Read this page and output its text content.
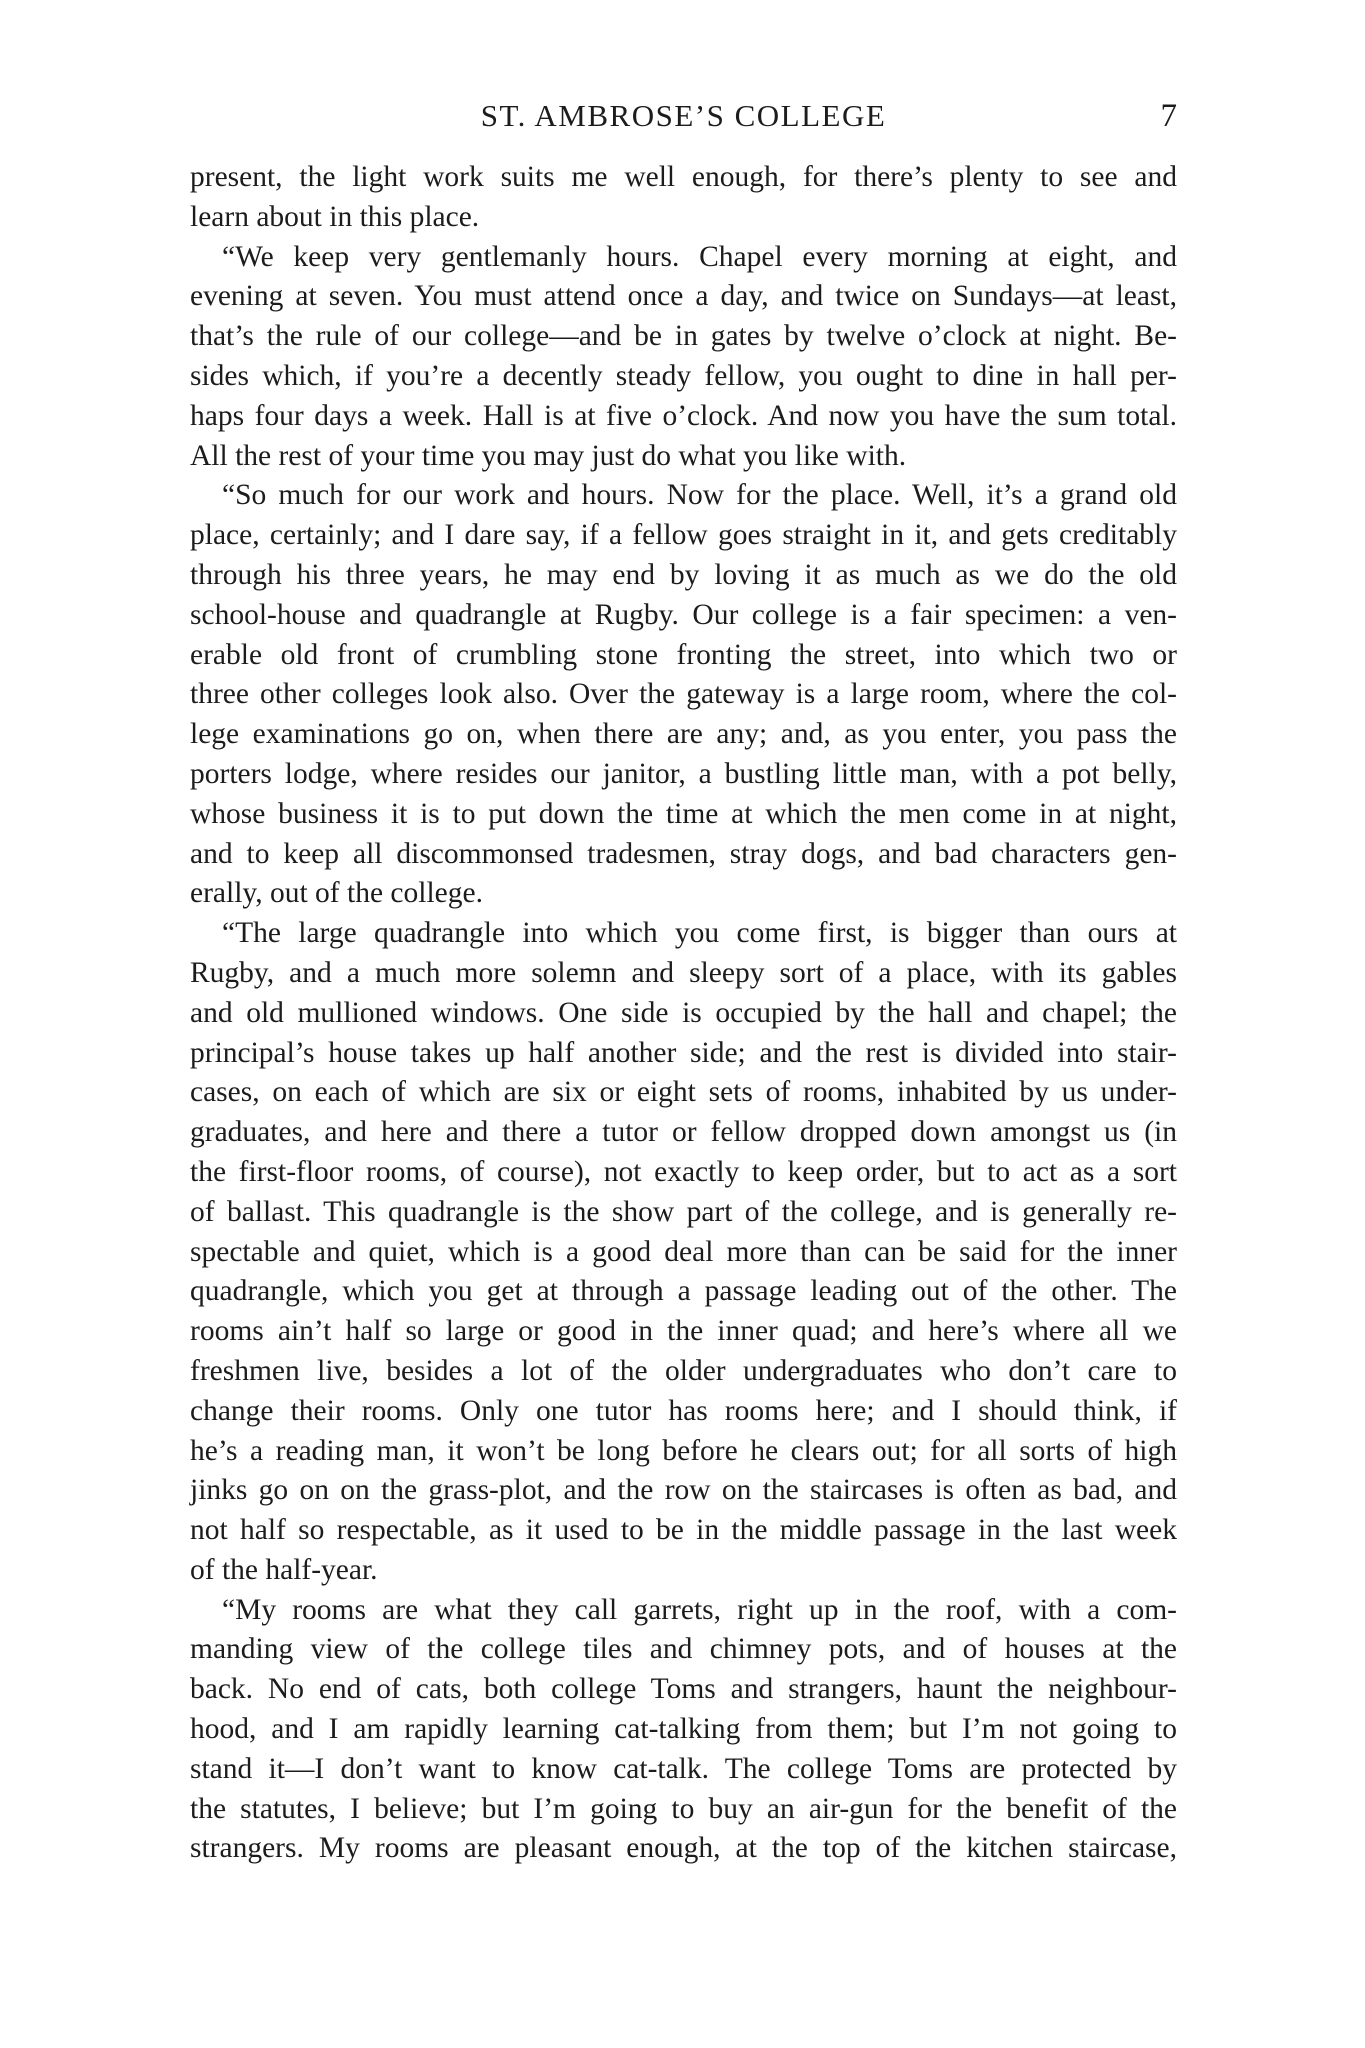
ST. AMBROSE’S COLLEGE	7
present, the light work suits me well enough, for there’s plenty to see and
learn about in this place.
“We keep very gentlemanly hours. Chapel every morning at eight, and
evening at seven. You must attend once a day, and twice on Sundays—at least,
that’s the rule of our college—and be in gates by twelve o’clock at night. Be-
sides which, if you’re a decently steady fellow, you ought to dine in hall per-
haps four days a week. Hall is at five o’clock. And now you have the sum total.
All the rest of your time you may just do what you like with.
“So much for our work and hours. Now for the place. Well, it’s a grand old
place, certainly; and I dare say, if a fellow goes straight in it, and gets creditably
through his three years, he may end by loving it as much as we do the old
school-house and quadrangle at Rugby. Our college is a fair specimen: a ven-
erable old front of crumbling stone fronting the street, into which two or
three other colleges look also. Over the gateway is a large room, where the col-
lege examinations go on, when there are any; and, as you enter, you pass the
porters lodge, where resides our janitor, a bustling little man, with a pot belly,
whose business it is to put down the time at which the men come in at night,
and to keep all discommonsed tradesmen, stray dogs, and bad characters gen-
erally, out of the college.
“The large quadrangle into which you come first, is bigger than ours at
Rugby, and a much more solemn and sleepy sort of a place, with its gables
and old mullioned windows. One side is occupied by the hall and chapel; the
principal’s house takes up half another side; and the rest is divided into stair-
cases, on each of which are six or eight sets of rooms, inhabited by us under-
graduates, and here and there a tutor or fellow dropped down amongst us (in
the first-floor rooms, of course), not exactly to keep order, but to act as a sort
of ballast. This quadrangle is the show part of the college, and is generally re-
spectable and quiet, which is a good deal more than can be said for the inner
quadrangle, which you get at through a passage leading out of the other. The
rooms ain’t half so large or good in the inner quad; and here’s where all we
freshmen live, besides a lot of the older undergraduates who don’t care to
change their rooms. Only one tutor has rooms here; and I should think, if
he’s a reading man, it won’t be long before he clears out; for all sorts of high
jinks go on on the grass-plot, and the row on the staircases is often as bad, and
not half so respectable, as it used to be in the middle passage in the last week
of the half-year.
“My rooms are what they call garrets, right up in the roof, with a com-
manding view of the college tiles and chimney pots, and of houses at the
back. No end of cats, both college Toms and strangers, haunt the neighbour-
hood, and I am rapidly learning cat-talking from them; but I’m not going to
stand it—I don’t want to know cat-talk. The college Toms are protected by
the statutes, I believe; but I’m going to buy an air-gun for the benefit of the
strangers. My rooms are pleasant enough, at the top of the kitchen staircase,
